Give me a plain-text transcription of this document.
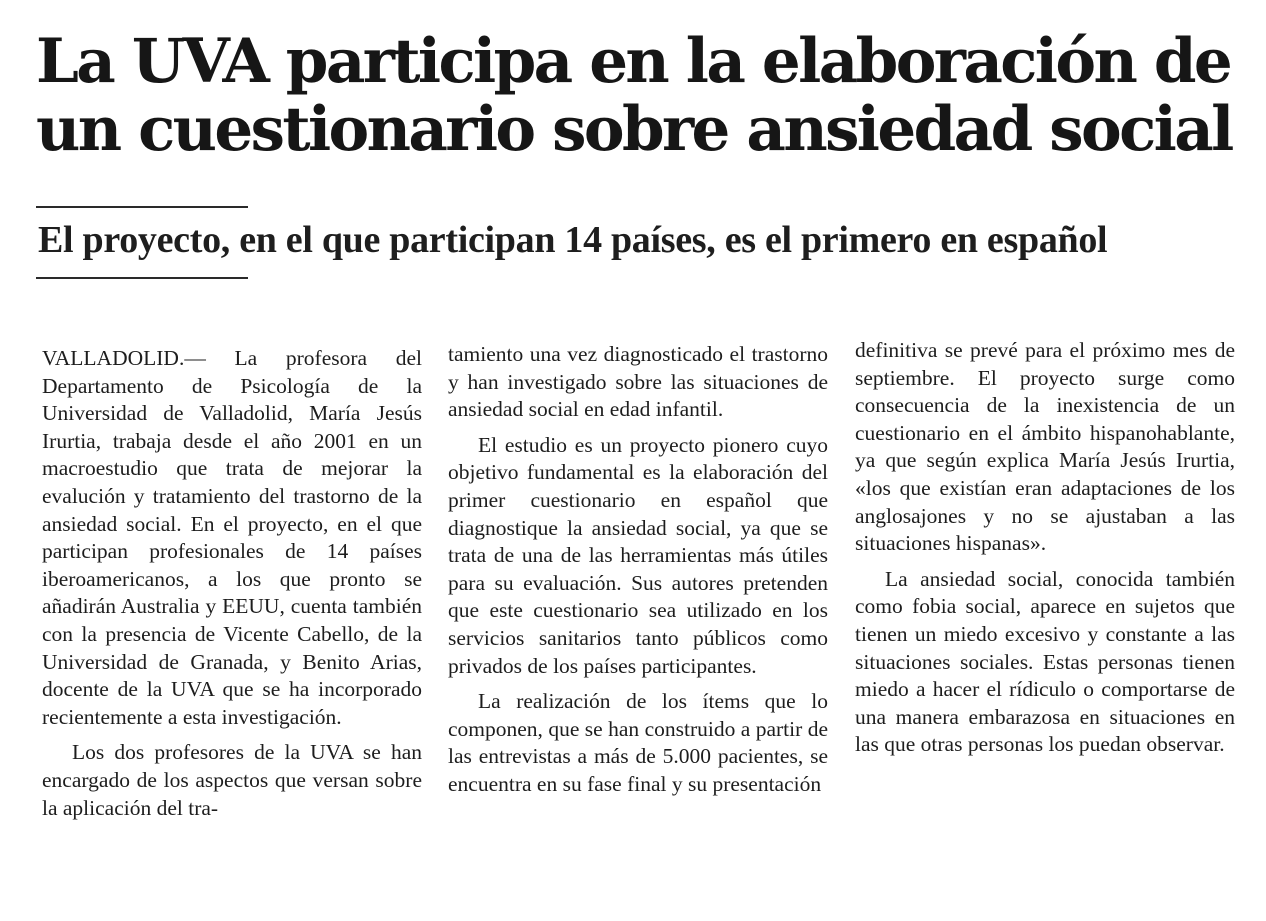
La UVA participa en la elaboración de
un cuestionario sobre ansiedad social
El proyecto, en el que participan 14 países, es el primero en español

VALLADOLID.— La profesora del Departamento de Psicología de la Universidad de Valladolid, María Jesús Irurtia, trabaja desde el año 2001 en un macroestudio que trata de mejorar la evalución y tratamiento del trastorno de la ansiedad social. En el proyecto, en el que participan profesionales de 14 países iberoamericanos, a los que pronto se añadirán Australia y EEUU, cuenta también con la presencia de Vicente Cabello, de la Universidad de Granada, y Benito Arias, docente de la UVA que se ha incorporado recientemente a esta investigación.

Los dos profesores de la UVA se han encargado de los aspectos que versan sobre la aplicación del tra-

tamiento una vez diagnosticado el trastorno y han investigado sobre las situaciones de ansiedad social en edad infantil.

El estudio es un proyecto pionero cuyo objetivo fundamental es la elaboración del primer cuestionario en español que diagnostique la ansiedad social, ya que se trata de una de las herramientas más útiles para su evaluación. Sus autores pretenden que este cuestionario sea utilizado en los servicios sanitarios tanto públicos como privados de los países participantes.

La realización de los ítems que lo componen, que se han construido a partir de las entrevistas a más de 5.000 pacientes, se encuentra en su fase final y su presentación

definitiva se prevé para el próximo mes de septiembre. El proyecto surge como consecuencia de la inexistencia de un cuestionario en el ámbito hispanohablante, ya que según explica María Jesús Irurtia, «los que existían eran adaptaciones de los anglosajones y no se ajustaban a las situaciones hispanas».

La ansiedad social, conocida también como fobia social, aparece en sujetos que tienen un miedo excesivo y constante a las situaciones sociales. Estas personas tienen miedo a hacer el rídiculo o comportarse de una manera embarazosa en situaciones en las que otras personas los puedan observar.
